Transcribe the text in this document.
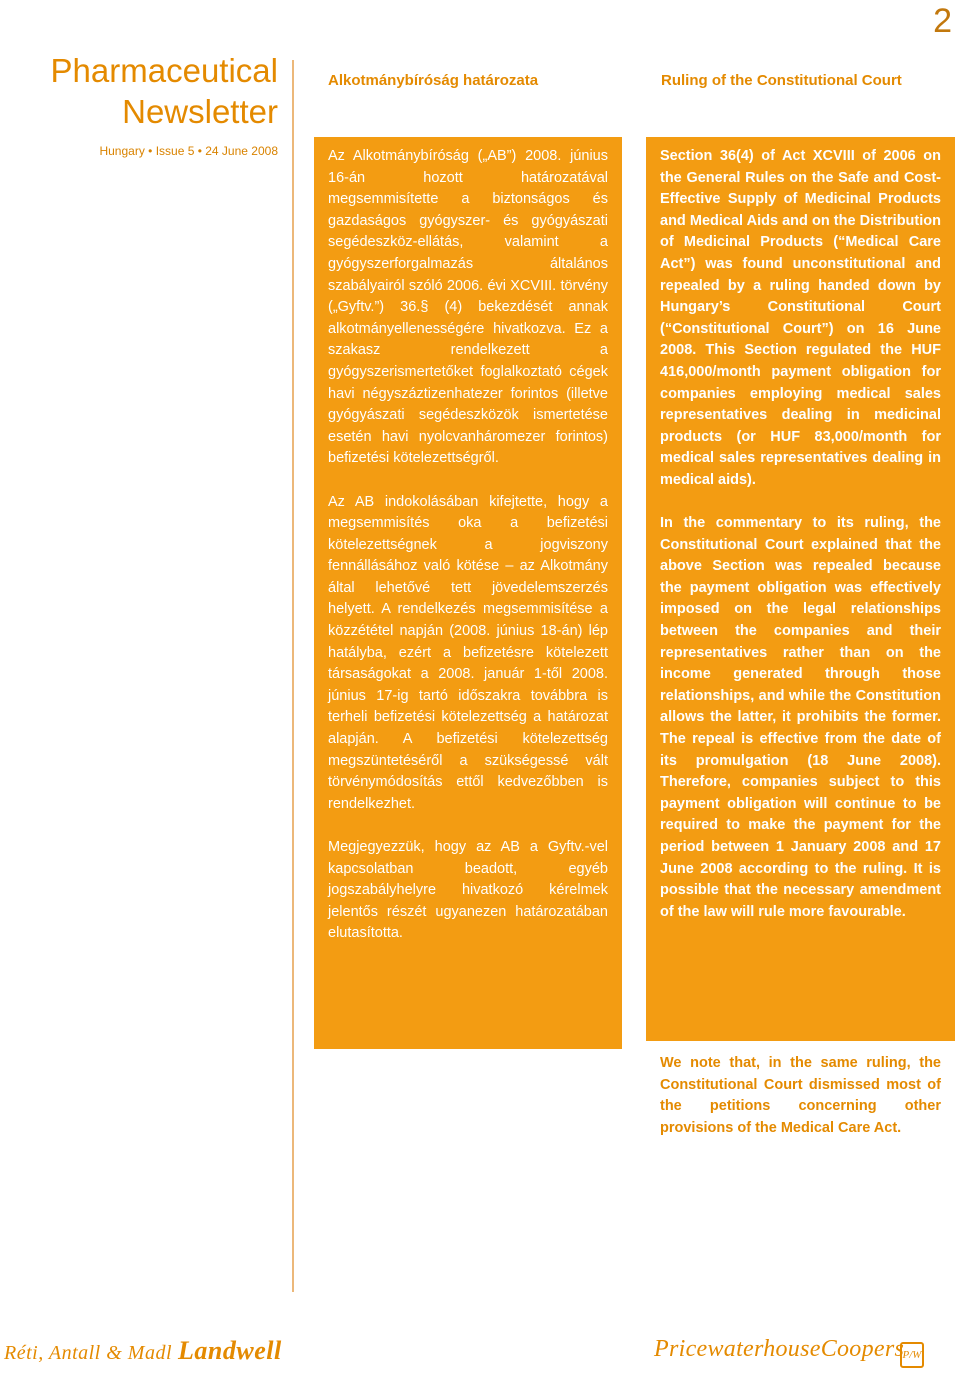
2
Pharmaceutical
Newsletter
Hungary • Issue 5 • 24 June 2008
Alkotmánybíróság határozata	Ruling of the Constitutional Court

Az Alkotmánybíróság („AB”) 2008. június 16-án hozott határozatával megsemmisítette a biztonságos és gazdaságos gyógyszer- és gyógyászati segédeszköz-ellátás, valamint a gyógyszerforgalmazás általános szabályairól szóló 2006. évi XCVIII. törvény („Gyftv.”) 36.§ (4) bekezdését annak alkotmányellenességére hivatkozva. Ez a szakasz rendelkezett a gyógyszerismertetőket foglalkoztató cégek havi négyszáztizenhatezer forintos (illetve gyógyászati segédeszközök ismertetése esetén havi nyolcvanháromezer forintos) befizetési kötelezettségről.

Az AB indokolásában kifejtette, hogy a megsemmisítés oka a befizetési kötelezettségnek a jogviszony fennállásához való kötése – az Alkotmány által lehetővé tett jövedelemszerzés helyett. A rendelkezés megsemmisítése a közzététel napján (2008. június 18-án) lép hatályba, ezért a befizetésre kötelezett társaságokat a 2008. január 1-től 2008. június 17-ig tartó időszakra továbbra is terheli befizetési kötelezettség a határozat alapján. A befizetési kötelezettség megszüntetéséről a szükségessé vált törvénymódosítás ettől kedvezőbben is rendelkezhet.

Megjegyezzük, hogy az AB a Gyftv.-vel kapcsolatban beadott, egyéb jogszabályhelyre hivatkozó kérelmek jelentős részét ugyanezen határozatában elutasította.

Section 36(4) of Act XCVIII of 2006 on the General Rules on the Safe and Cost-Effective Supply of Medicinal Products and Medical Aids and on the Distribution of Medicinal Products (“Medical Care Act”) was found unconstitutional and repealed by a ruling handed down by Hungary’s Constitutional Court (“Constitutional Court”) on 16 June 2008. This Section regulated the HUF 416,000/month payment obligation for companies employing medical sales representatives dealing in medicinal products (or HUF 83,000/month for medical sales representatives dealing in medical aids).

In the commentary to its ruling, the Constitutional Court explained that the above Section was repealed because the payment obligation was effectively imposed on the legal relationships between the companies and their representatives rather than on the income generated through those relationships, and while the Constitution allows the latter, it prohibits the former. The repeal is effective from the date of its promulgation (18 June 2008). Therefore, companies subject to this payment obligation will continue to be required to make the payment for the period between 1 January 2008 and 17 June 2008 according to the ruling. It is possible that the necessary amendment of the law will rule more favourable.

We note that, in the same ruling, the Constitutional Court dismissed most of the petitions concerning other provisions of the Medical Care Act.

Réti, Antall & Madl Landwell	PricewaterhouseCoopers
P/W
